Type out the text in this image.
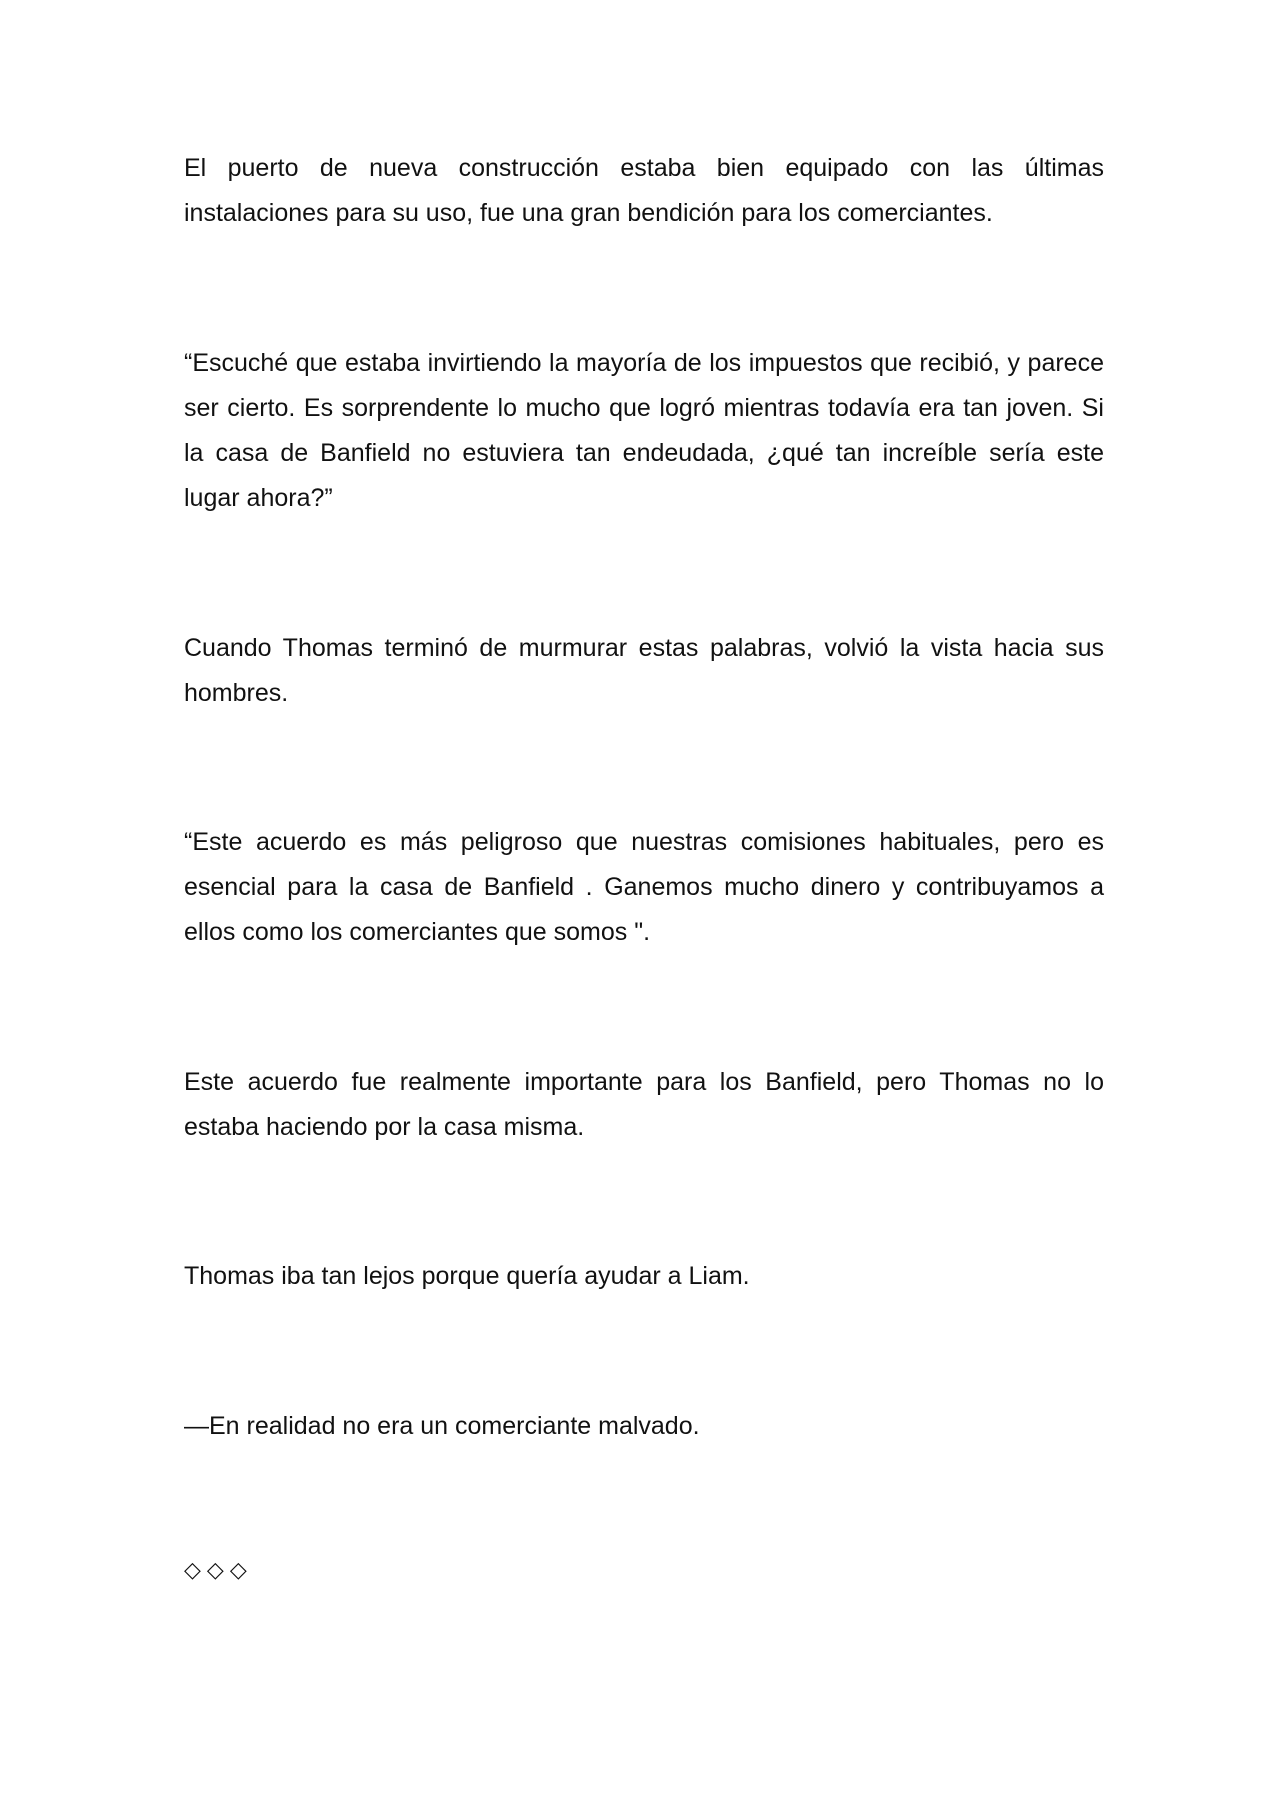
El puerto de nueva construcción estaba bien equipado con las últimas instalaciones para su uso, fue una gran bendición para los comerciantes.

“Escuché que estaba invirtiendo la mayoría de los impuestos que recibió, y parece ser cierto. Es sorprendente lo mucho que logró mientras todavía era tan joven. Si la casa de Banfield no estuviera tan endeudada, ¿qué tan increíble sería este lugar ahora?”

Cuando Thomas terminó de murmurar estas palabras, volvió la vista hacia sus hombres.

“Este acuerdo es más peligroso que nuestras comisiones habituales, pero es esencial para la casa de Banfield . Ganemos mucho dinero y contribuyamos a ellos como los comerciantes que somos ".

Este acuerdo fue realmente importante para los Banfield, pero Thomas no lo estaba haciendo por la casa misma.

Thomas iba tan lejos porque quería ayudar a Liam.

—En realidad no era un comerciante malvado.

◇◇◇
